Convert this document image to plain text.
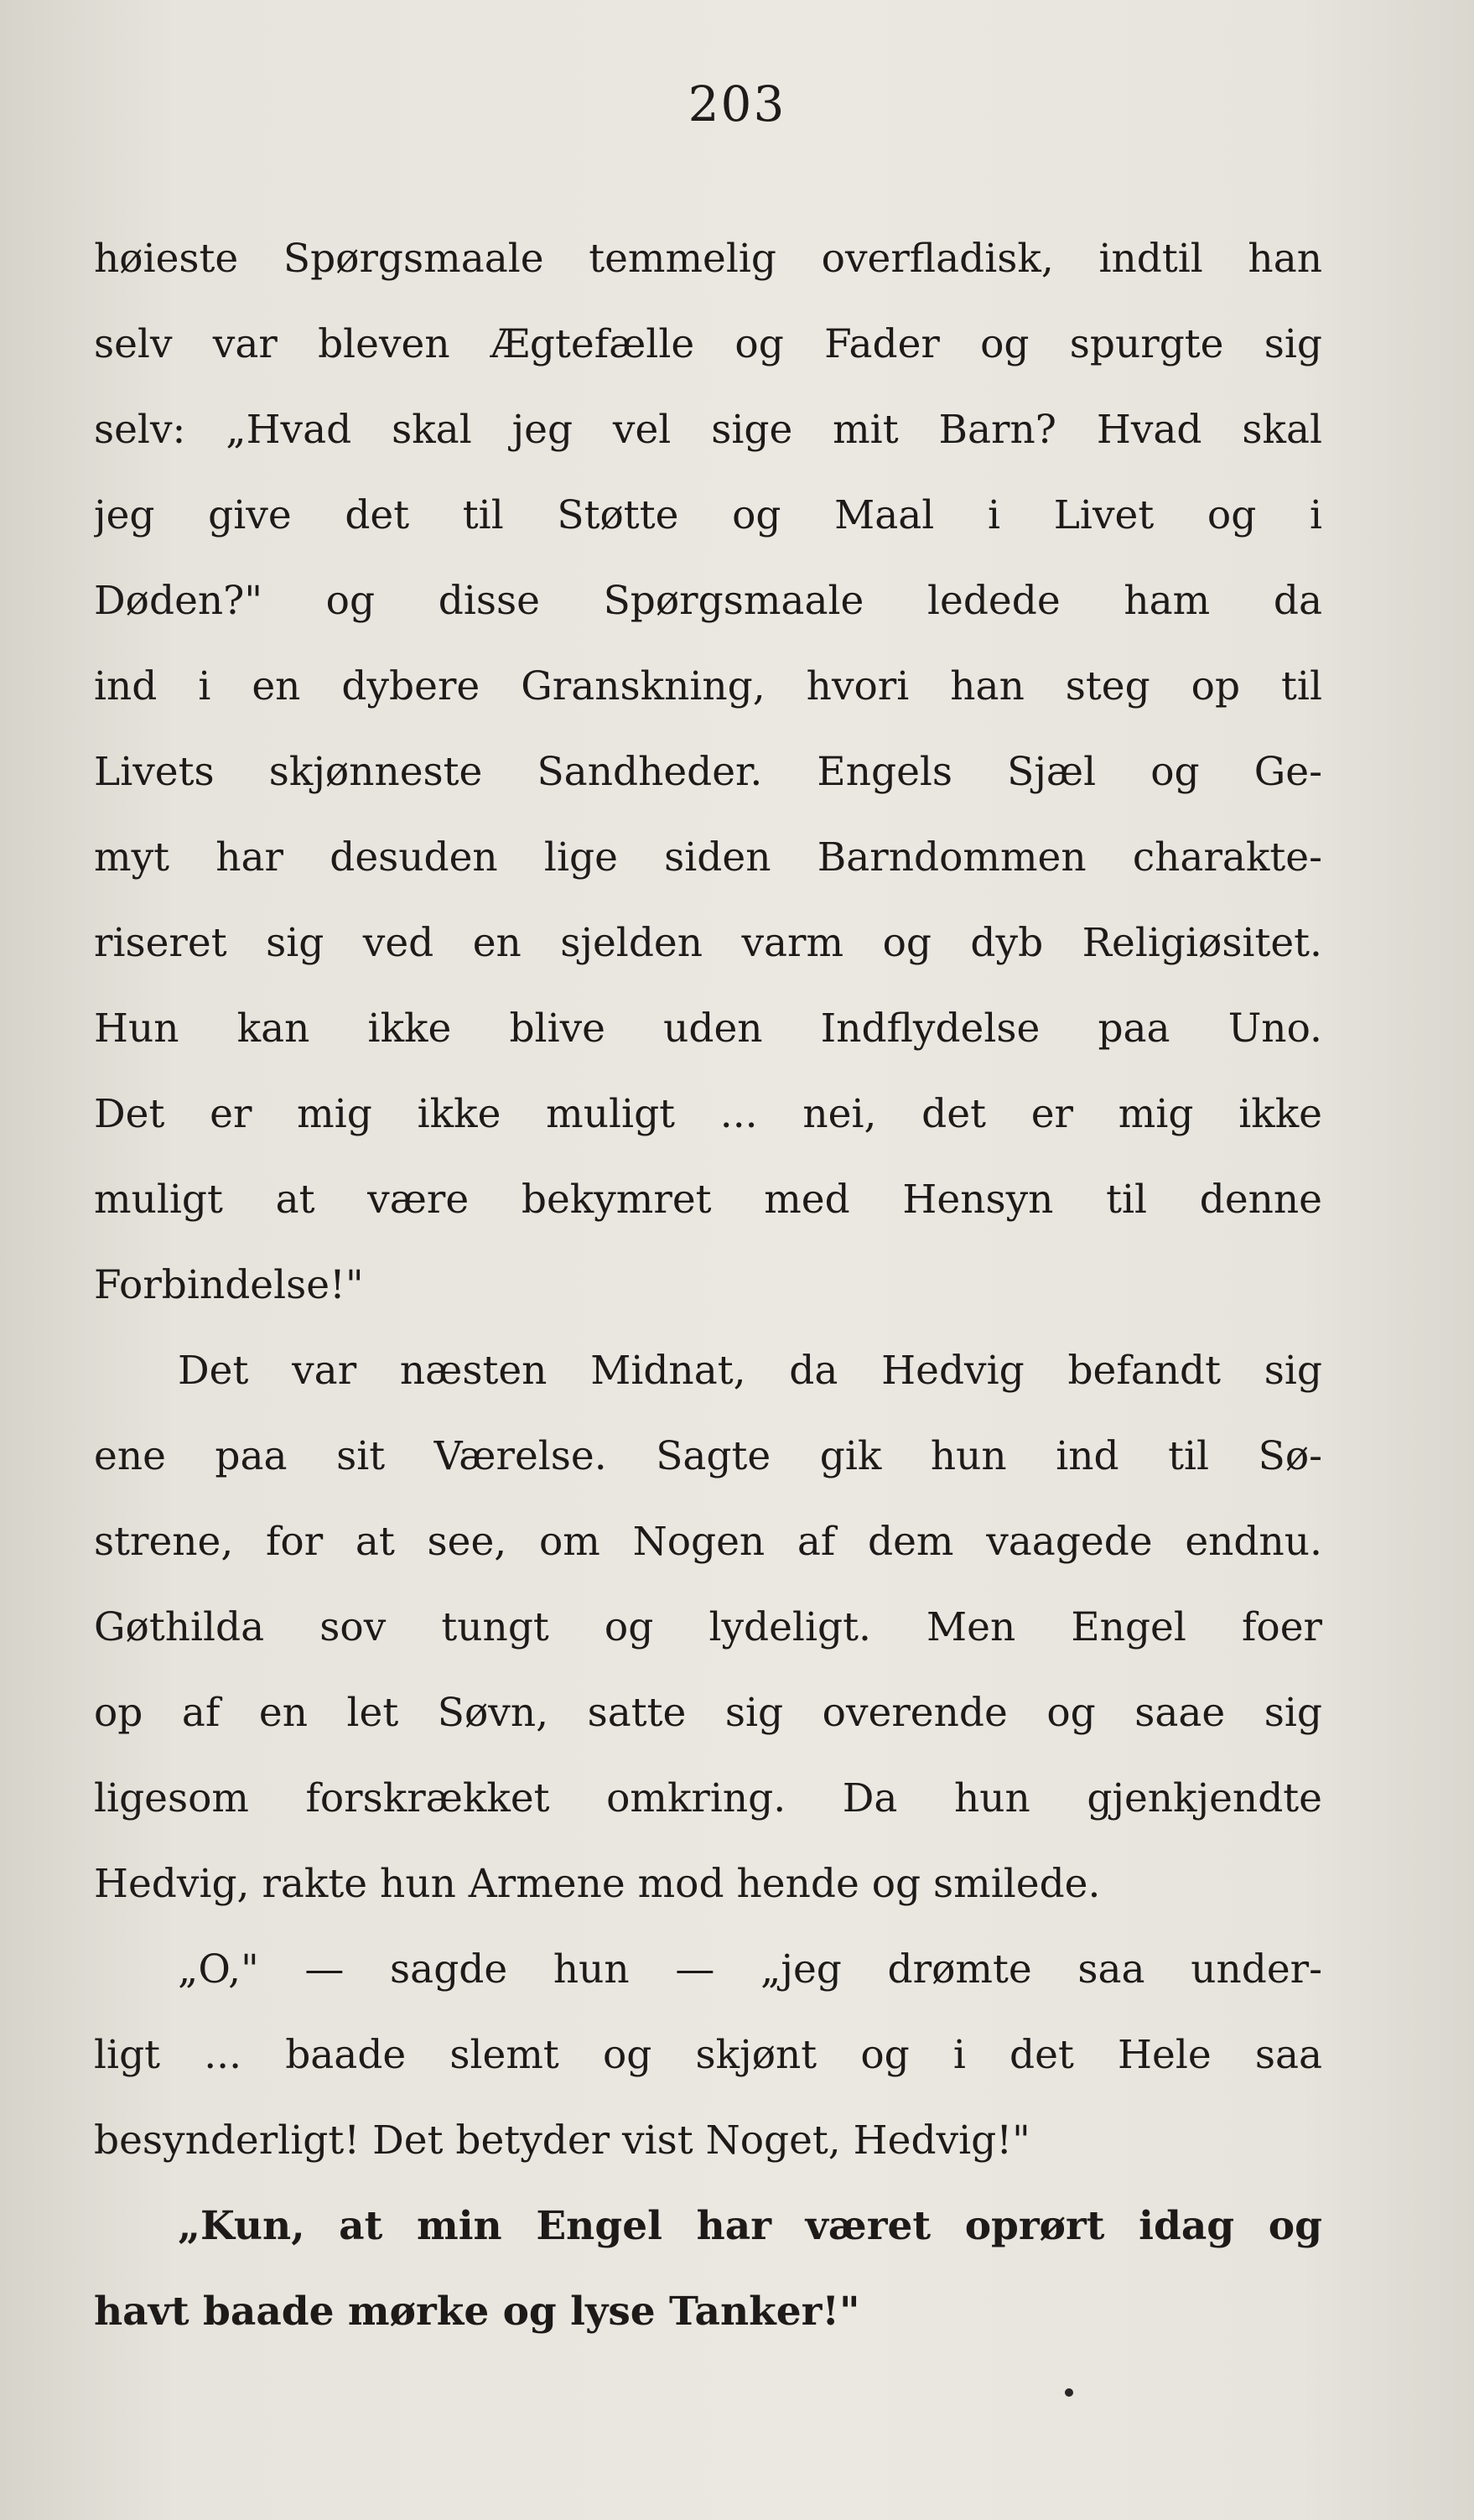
203
høieste Spørgsmaale temmelig overfladisk, indtil han
selv var bleven Ægtefælle og Fader og spurgte sig
selv: „Hvad skal jeg vel sige mit Barn? Hvad skal
jeg give det til Støtte og Maal i Livet og i
Døden?" og disse Spørgsmaale ledede ham da
ind i en dybere Granskning, hvori han steg op til
Livets skjønneste Sandheder. Engels Sjæl og Ge-
myt har desuden lige siden Barndommen charakte-
riseret sig ved en sjelden varm og dyb Religiøsitet.
Hun kan ikke blive uden Indflydelse paa Uno.
Det er mig ikke muligt ... nei, det er mig ikke
muligt at være bekymret med Hensyn til denne
Forbindelse!"
Det var næsten Midnat, da Hedvig befandt sig
ene paa sit Værelse. Sagte gik hun ind til Sø-
strene, for at see, om Nogen af dem vaagede endnu.
Gøthilda sov tungt og lydeligt. Men Engel foer
op af en let Søvn, satte sig overende og saae sig
ligesom forskrækket omkring. Da hun gjenkjendte
Hedvig, rakte hun Armene mod hende og smilede.
„O," — sagde hun — „jeg drømte saa under-
ligt ... baade slemt og skjønt og i det Hele saa
besynderligt! Det betyder vist Noget, Hedvig!"
„Kun, at min Engel har været oprørt idag og
havt baade mørke og lyse Tanker!"
